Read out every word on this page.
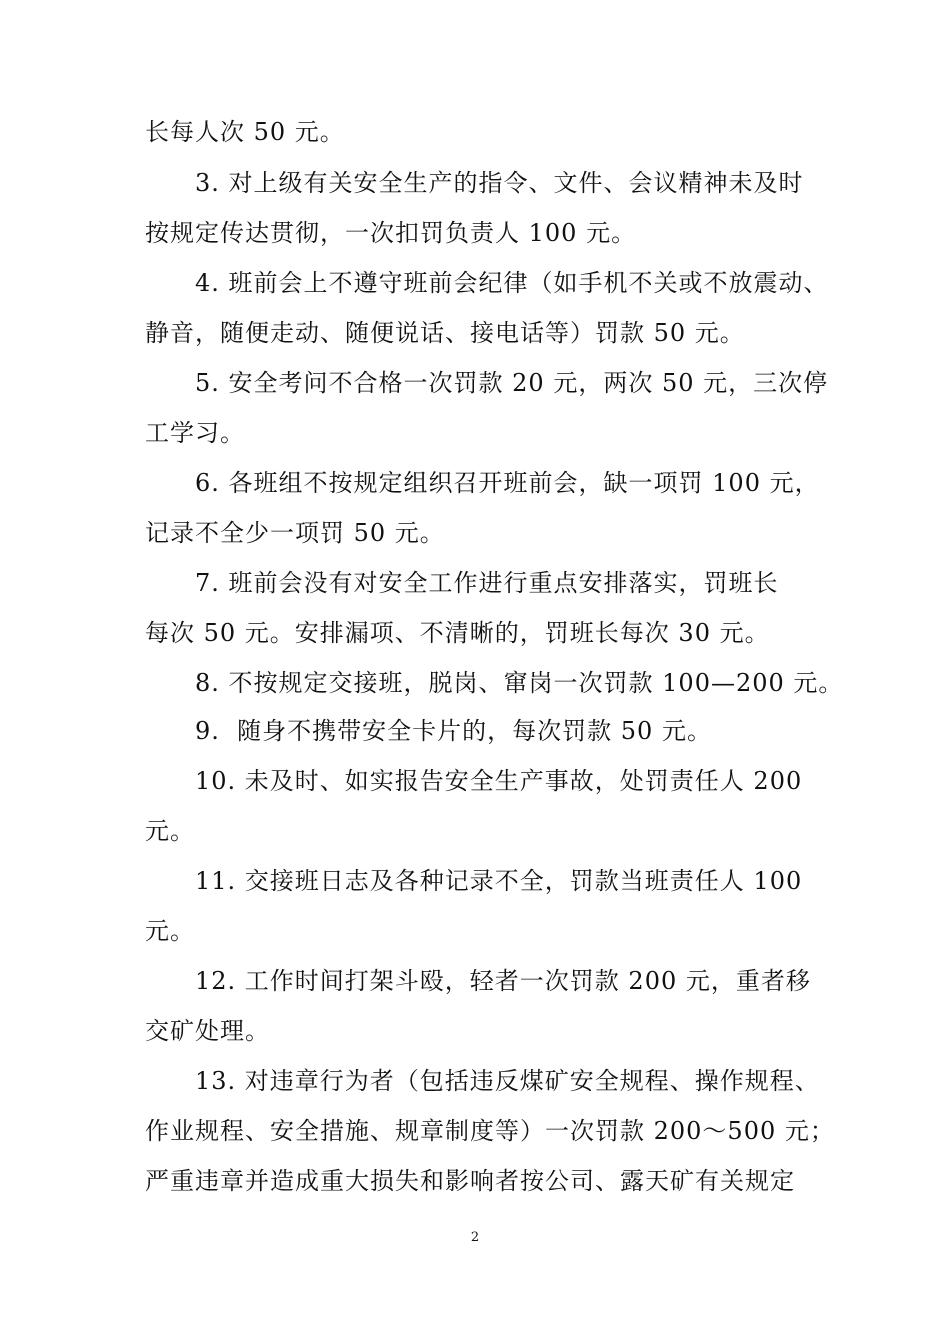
长每人次 50 元。
3. 对上级有关安全生产的指令、文件、会议精神未及时
按规定传达贯彻，一次扣罚负责人 100 元。
4. 班前会上不遵守班前会纪律（如手机不关或不放震动、
静音，随便走动、随便说话、接电话等）罚款 50 元。
5. 安全考问不合格一次罚款 20 元，两次 50 元，三次停
工学习。
6. 各班组不按规定组织召开班前会，缺一项罚 100 元，
记录不全少一项罚 50 元。
7. 班前会没有对安全工作进行重点安排落实，罚班长
每次 50 元。安排漏项、不清晰的，罚班长每次 30 元。
8. 不按规定交接班，脱岗、窜岗一次罚款 100—200 元。
9.  随身不携带安全卡片的，每次罚款 50 元。
10. 未及时、如实报告安全生产事故，处罚责任人 200
元。
11. 交接班日志及各种记录不全，罚款当班责任人 100
元。
12. 工作时间打架斗殴，轻者一次罚款 200 元，重者移
交矿处理。
13. 对违章行为者（包括违反煤矿安全规程、操作规程、
作业规程、安全措施、规章制度等）一次罚款 200～500 元；
严重违章并造成重大损失和影响者按公司、露天矿有关规定
2
